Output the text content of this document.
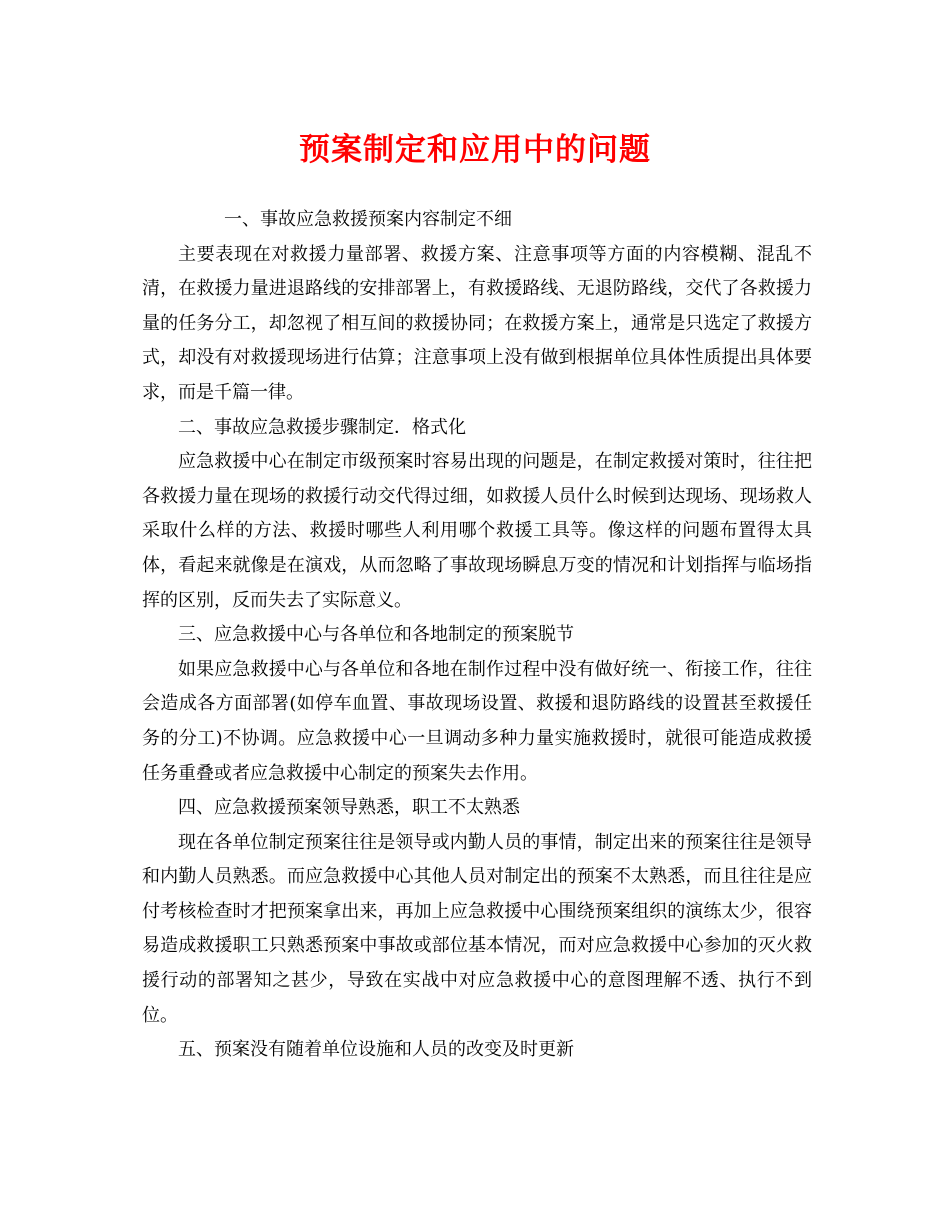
预案制定和应用中的问题

一、事故应急救援预案内容制定不细

主要表现在对救援力量部署、救援方案、注意事项等方面的内容模糊、混乱不清，在救援力量进退路线的安排部署上，有救援路线、无退防路线，交代了各救援力量的任务分工，却忽视了相互间的救援协同；在救援方案上，通常是只选定了救援方式，却没有对救援现场进行估算；注意事项上没有做到根据单位具体性质提出具体要求，而是千篇一律。

二、事故应急救援步骤制定．格式化

应急救援中心在制定市级预案时容易出现的问题是，在制定救援对策时，往往把各救援力量在现场的救援行动交代得过细，如救援人员什么时候到达现场、现场救人采取什么样的方法、救援时哪些人利用哪个救援工具等。像这样的问题布置得太具体，看起来就像是在演戏，从而忽略了事故现场瞬息万变的情况和计划指挥与临场指挥的区别，反而失去了实际意义。

三、应急救援中心与各单位和各地制定的预案脱节

如果应急救援中心与各单位和各地在制作过程中没有做好统一、衔接工作，往往会造成各方面部署(如停车血置、事故现场设置、救援和退防路线的设置甚至救援任务的分工)不协调。应急救援中心一旦调动多种力量实施救援时，就很可能造成救援任务重叠或者应急救援中心制定的预案失去作用。

四、应急救援预案领导熟悉，职工不太熟悉

现在各单位制定预案往往是领导或内勤人员的事情，制定出来的预案往往是领导和内勤人员熟悉。而应急救援中心其他人员对制定出的预案不太熟悉，而且往往是应付考核检查时才把预案拿出来，再加上应急救援中心围绕预案组织的演练太少，很容易造成救援职工只熟悉预案中事故或部位基本情况，而对应急救援中心参加的灭火救援行动的部署知之甚少，导致在实战中对应急救援中心的意图理解不透、执行不到位。

五、预案没有随着单位设施和人员的改变及时更新
